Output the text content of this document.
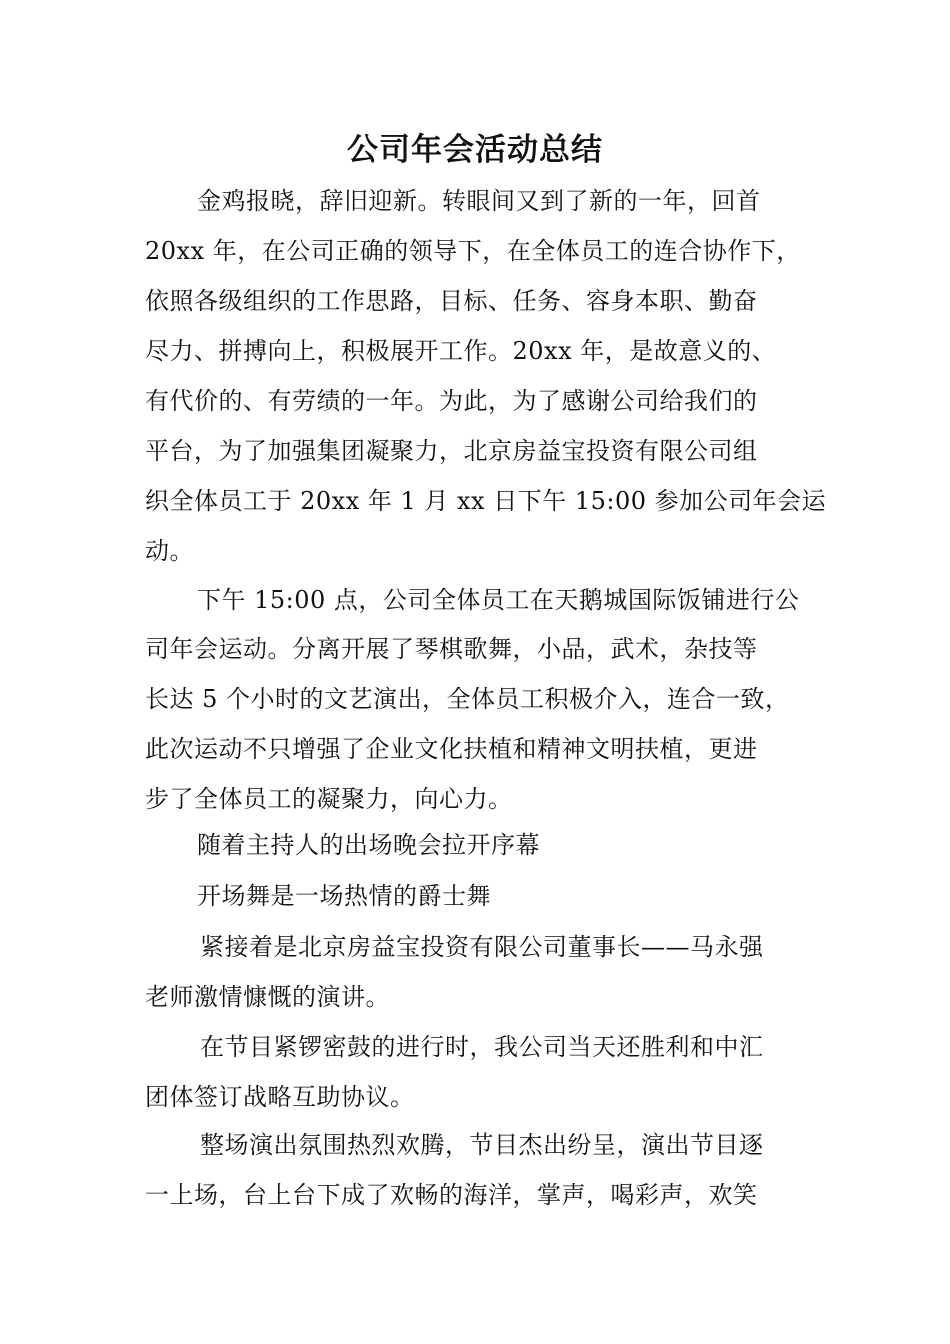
公司年会活动总结
金鸡报晓，辞旧迎新。转眼间又到了新的一年，回首
20xx 年，在公司正确的领导下，在全体员工的连合协作下，
依照各级组织的工作思路，目标、任务、容身本职、勤奋
尽力、拼搏向上，积极展开工作。20xx 年，是故意义的、
有代价的、有劳绩的一年。为此，为了感谢公司给我们的
平台，为了加强集团凝聚力，北京房益宝投资有限公司组
织全体员工于 20xx 年 1 月 xx 日下午 15:00 参加公司年会运
动。
下午 15:00 点，公司全体员工在天鹅城国际饭铺进行公
司年会运动。分离开展了琴棋歌舞，小品，武术，杂技等
长达 5 个小时的文艺演出，全体员工积极介入，连合一致，
此次运动不只增强了企业文化扶植和精神文明扶植，更进
步了全体员工的凝聚力，向心力。
随着主持人的出场晚会拉开序幕
开场舞是一场热情的爵士舞
紧接着是北京房益宝投资有限公司董事长——马永强
老师激情慷慨的演讲。
在节目紧锣密鼓的进行时，我公司当天还胜利和中汇
团体签订战略互助协议。
整场演出氛围热烈欢腾，节目杰出纷呈，演出节目逐
一上场，台上台下成了欢畅的海洋，掌声，喝彩声，欢笑
